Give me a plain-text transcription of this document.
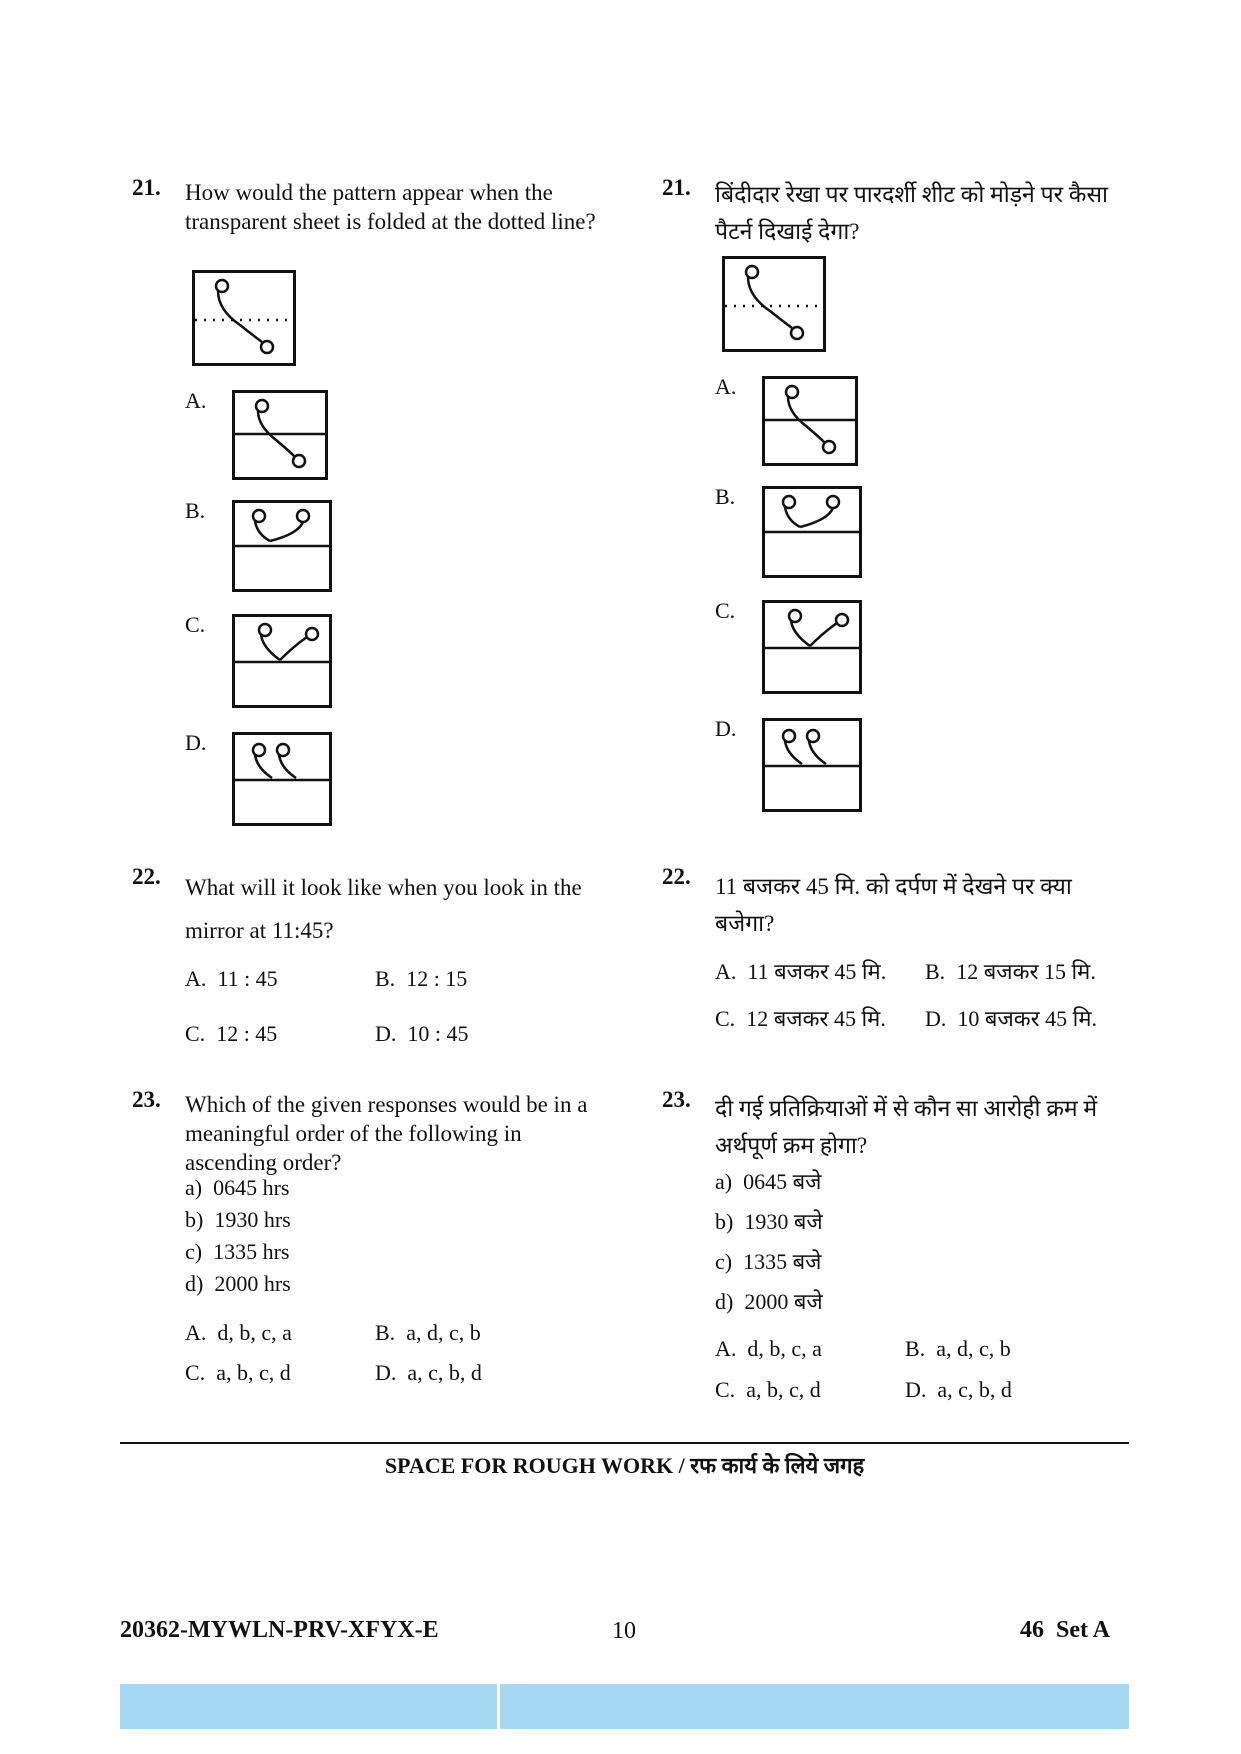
21. How would the pattern appear when the transparent sheet is folded at the dotted line?
A.
B.
C.
D.
22. What will it look like when you look in the mirror at 11:45?
A. 11 : 45	B. 12 : 15
C. 12 : 45	D. 10 : 45
23. Which of the given responses would be in a meaningful order of the following in ascending order?
a) 0645 hrs
b) 1930 hrs
c) 1335 hrs
d) 2000 hrs
A. d, b, c, a	B. a, d, c, b
C. a, b, c, d	D. a, c, b, d
21. बिंदीदार रेखा पर पारदर्शी शीट को मोड़ने पर कैसा पैटर्न दिखाई देगा?
A.
B.
C.
D.
22. 11 बजकर 45 मि. को दर्पण में देखने पर क्या बजेगा?
A. 11 बजकर 45 मि. B. 12 बजकर 15 मि.
C. 12 बजकर 45 मि. D. 10 बजकर 45 मि.
23. दी गई प्रतिक्रियाओं में से कौन सा आरोही क्रम में अर्थपूर्ण क्रम होगा?
a) 0645 बजे
b) 1930 बजे
c) 1335 बजे
d) 2000 बजे
A. d, b, c, a	B. a, d, c, b
C. a, b, c, d	D. a, c, b, d
SPACE FOR ROUGH WORK / रफ कार्य के लिये जगह
20362-MYWLN-PRV-XFYX-E	10	46 Set A
